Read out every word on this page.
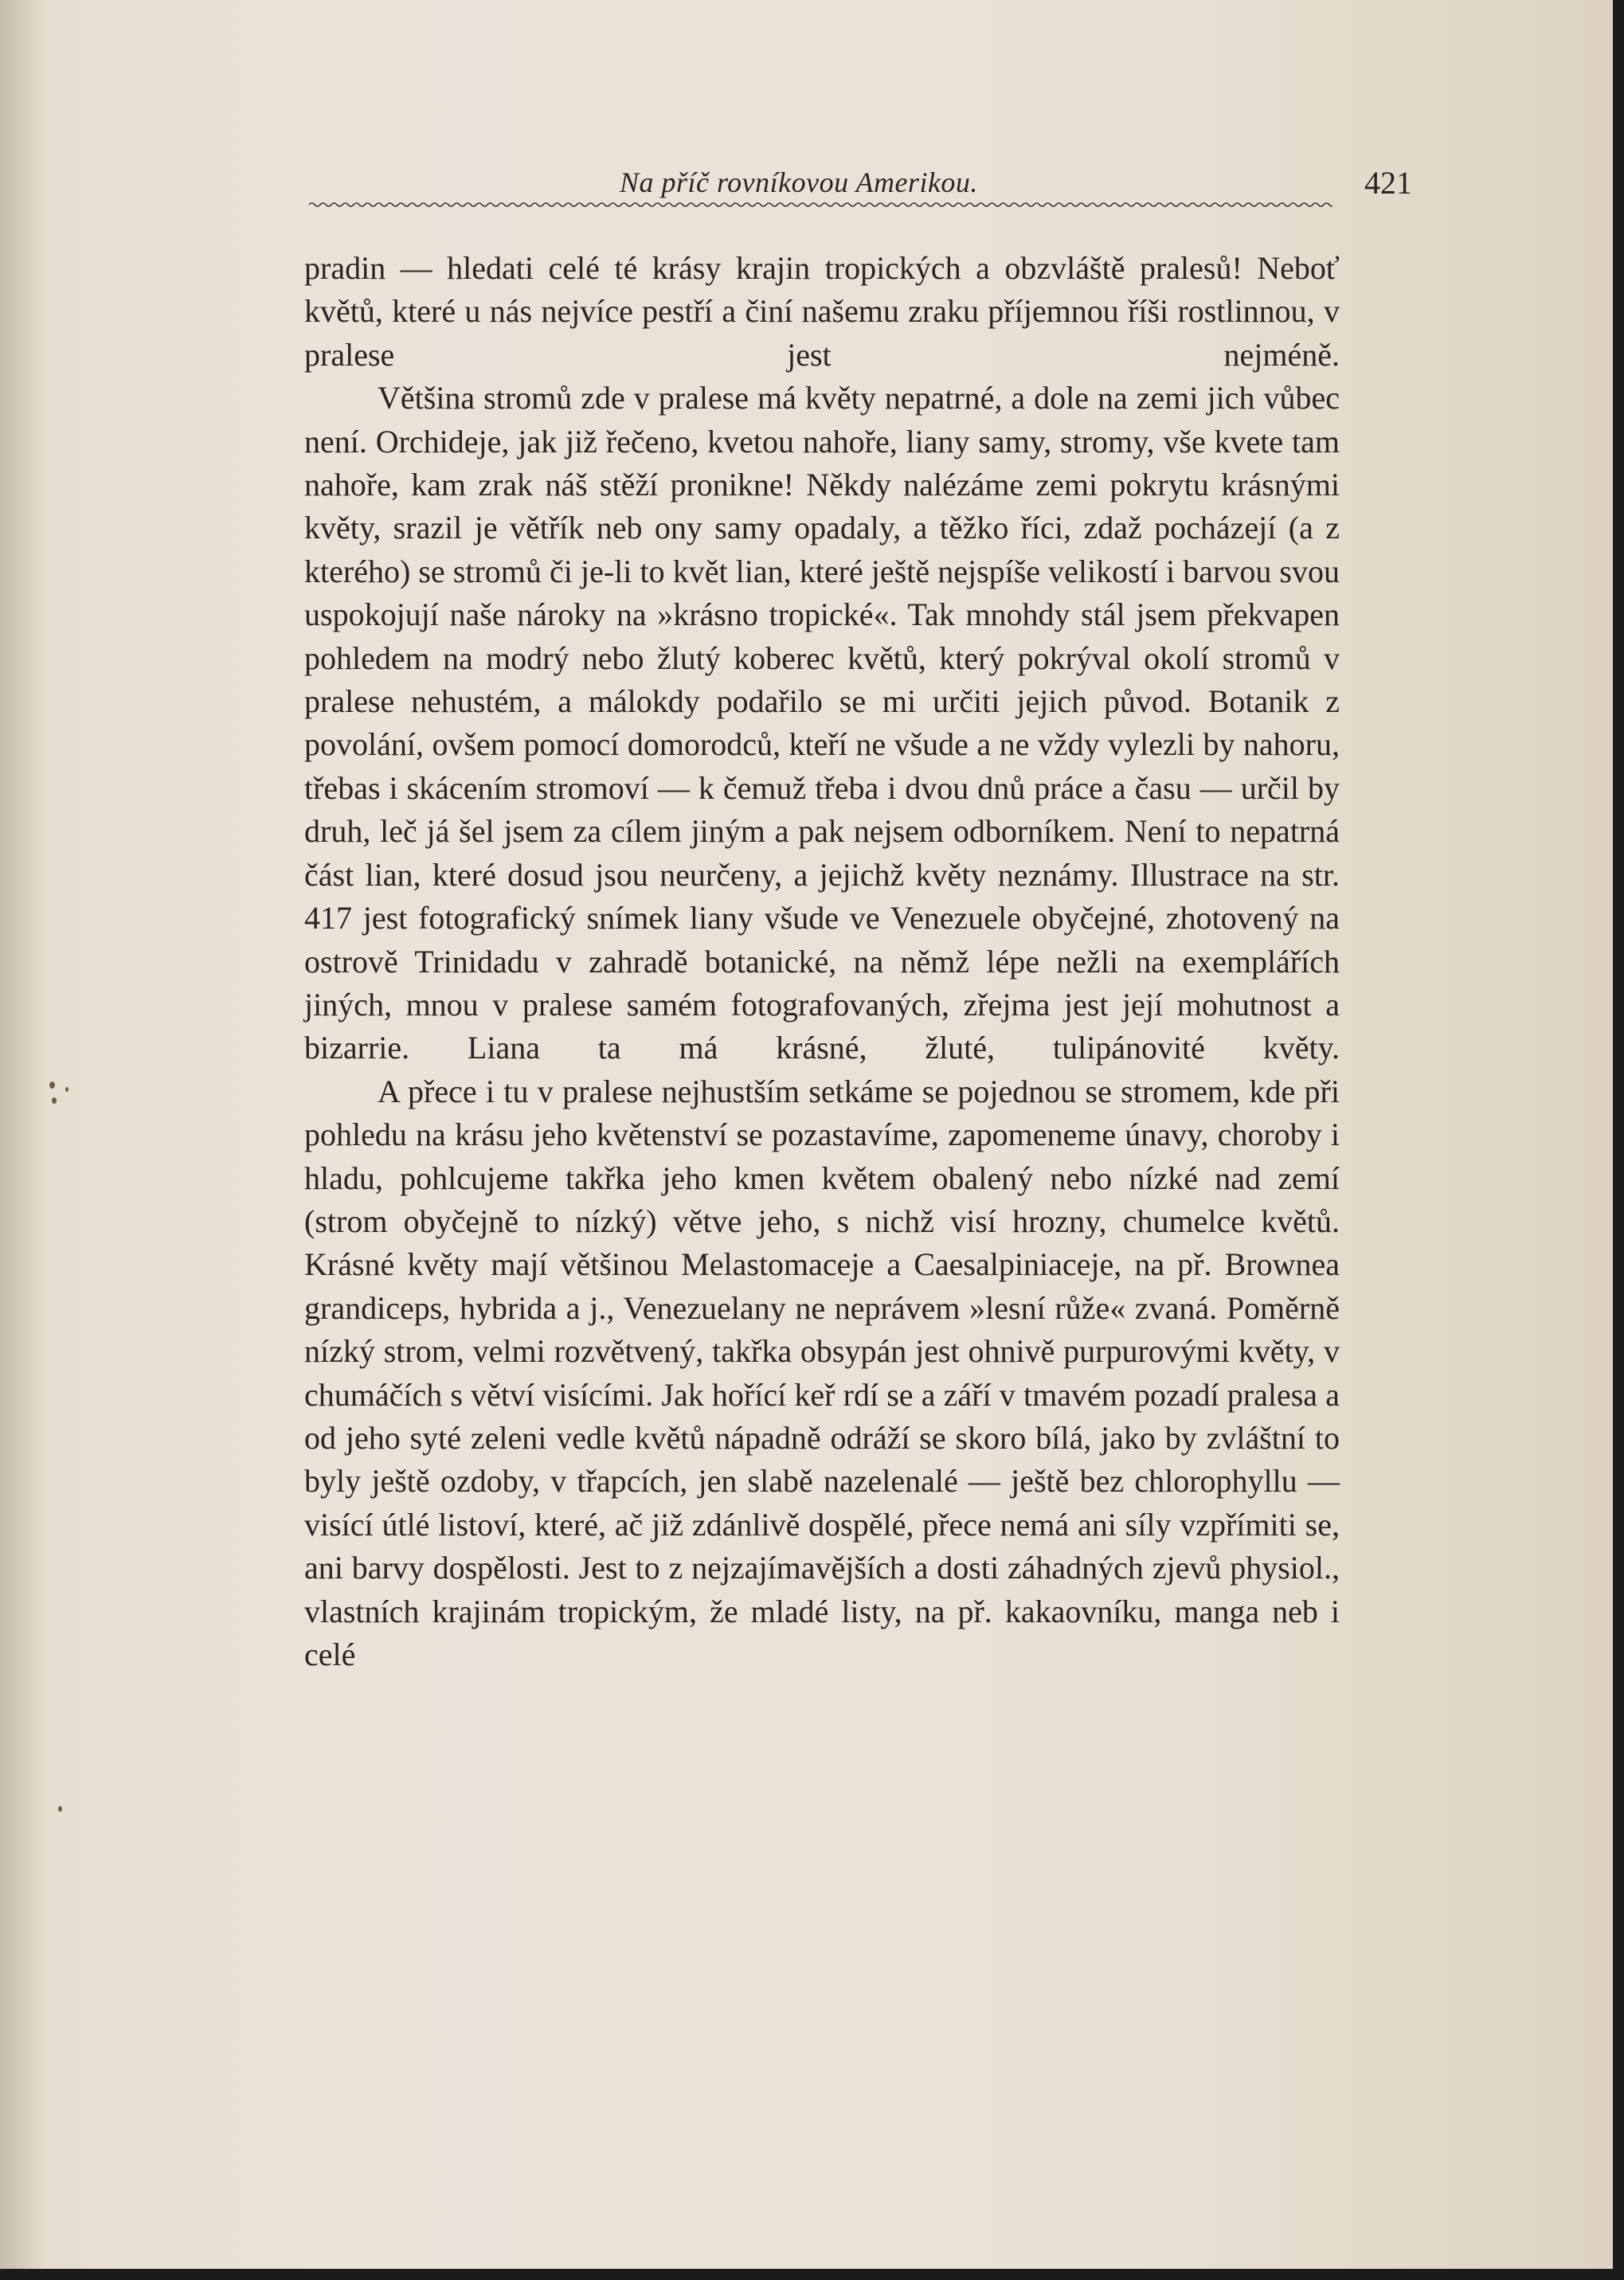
Na příč rovníkovou Amerikou.	421

pradin — hledati celé té krásy krajin tropických a obzvláště pralesů! Neboť květů, které u nás nejvíce pestří a činí našemu zraku příjemnou říši rostlinnou, v pralese jest nejméně.

Většina stromů zde v pralese má květy nepatrné, a dole na zemi jich vůbec není. Orchideje, jak již řečeno, kvetou nahoře, liany samy, stromy, vše kvete tam nahoře, kam zrak náš stěží pronikne! Někdy nalézáme zemi pokrytu krásnými květy, srazil je větřík neb ony samy opadaly, a těžko říci, zdaž pocházejí (a z kterého) se stromů či je-li to květ lian, které ještě nejspíše velikostí i barvou svou uspokojují naše nároky na »krásno tropické«. Tak mnohdy stál jsem překvapen pohledem na modrý nebo žlutý koberec květů, který pokrýval okolí stromů v pralese nehustém, a málokdy podařilo se mi určiti jejich původ. Botanik z povolání, ovšem pomocí domorodců, kteří ne všude a ne vždy vylezli by nahoru, třebas i skácením stromoví — k čemuž třeba i dvou dnů práce a času — určil by druh, leč já šel jsem za cílem jiným a pak nejsem odborníkem. Není to nepatrná část lian, které dosud jsou neurčeny, a jejichž květy neznámy. Illustrace na str. 417 jest fotografický snímek liany všude ve Venezuele obyčejné, zhotovený na ostrově Trinidadu v zahradě botanické, na němž lépe nežli na exemplářích jiných, mnou v pralese samém fotografovaných, zřejma jest její mohutnost a bizarrie. Liana ta má krásné, žluté, tulipánovité květy.

A přece i tu v pralese nejhustším setkáme se pojednou se stromem, kde při pohledu na krásu jeho květenství se pozastavíme, zapomeneme únavy, choroby i hladu, pohlcujeme takřka jeho kmen květem obalený nebo nízké nad zemí (strom obyčejně to nízký) větve jeho, s nichž visí hrozny, chumelce květů. Krásné květy mají většinou Melastomaceje a Caesalpiniaceje, na př. Brownea grandiceps, hybrida a j., Venezuelany ne neprávem »lesní růže« zvaná. Poměrně nízký strom, velmi rozvětvený, takřka obsypán jest ohnivě purpurovými květy, v chumáčích s větví visícími. Jak hořící keř rdí se a září v tmavém pozadí pralesa a od jeho syté zeleni vedle květů nápadně odráží se skoro bílá, jako by zvláštní to byly ještě ozdoby, v třapcích, jen slabě nazelenalé — ještě bez chlorophyllu — visící útlé listoví, které, ač již zdánlivě dospělé, přece nemá ani síly vzpřímiti se, ani barvy dospělosti. Jest to z nejzajímavějších a dosti záhadných zjevů physiol., vlastních krajinám tropickým, že mladé listy, na př. kakaovníku, manga neb i celé
